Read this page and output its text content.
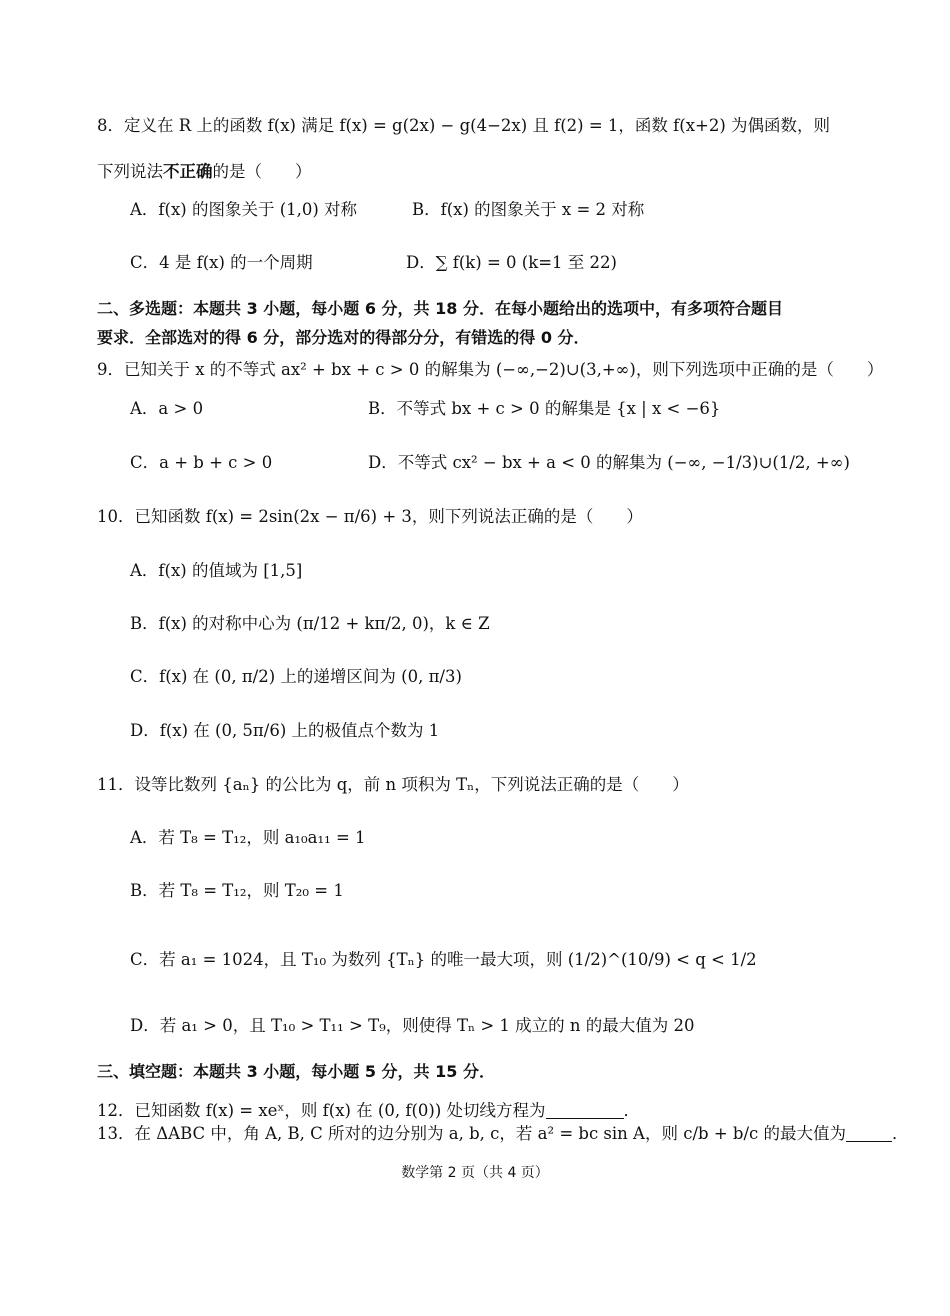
8．定义在 R 上的函数 f(x) 满足 f(x) = g(2x) − g(4−2x) 且 f(2) = 1，函数 f(x+2) 为偶函数，则
下列说法不正确的是（　　）
A．f(x) 的图象关于 (1,0) 对称	B．f(x) 的图象关于 x = 2 对称
C．4 是 f(x) 的一个周期	D．∑ f(k) = 0 (k=1 至 22)
二、多选题：本题共 3 小题，每小题 6 分，共 18 分．在每小题给出的选项中，有多项符合题目
要求．全部选对的得 6 分，部分选对的得部分分，有错选的得 0 分．
9．已知关于 x 的不等式 ax² + bx + c > 0 的解集为 (−∞,−2)∪(3,+∞)，则下列选项中正确的是（　　）
A．a > 0	B．不等式 bx + c > 0 的解集是 {x | x < −6}
C．a + b + c > 0	D．不等式 cx² − bx + a < 0 的解集为 (−∞, −1/3)∪(1/2, +∞)
10．已知函数 f(x) = 2sin(2x − π/6) + 3，则下列说法正确的是（　　）
A．f(x) 的值域为 [1,5]
B．f(x) 的对称中心为 (π/12 + kπ/2, 0)，k ∈ Z
C．f(x) 在 (0, π/2) 上的递增区间为 (0, π/3)
D．f(x) 在 (0, 5π/6) 上的极值点个数为 1
11．设等比数列 {aₙ} 的公比为 q，前 n 项积为 Tₙ，下列说法正确的是（　　）
A．若 T₈ = T₁₂，则 a₁₀a₁₁ = 1
B．若 T₈ = T₁₂，则 T₂₀ = 1
C．若 a₁ = 1024，且 T₁₀ 为数列 {Tₙ} 的唯一最大项，则 (1/2)^(10/9) < q < 1/2
D．若 a₁ > 0，且 T₁₀ > T₁₁ > T₉，则使得 Tₙ > 1 成立的 n 的最大值为 20
三、填空题：本题共 3 小题，每小题 5 分，共 15 分．
12．已知函数 f(x) = xeˣ，则 f(x) 在 (0, f(0)) 处切线方程为	．
13．在 ΔABC 中，角 A, B, C 所对的边分别为 a, b, c，若 a² = bc sin A，则 c/b + b/c 的最大值为	．
数学第 2 页（共 4 页）
